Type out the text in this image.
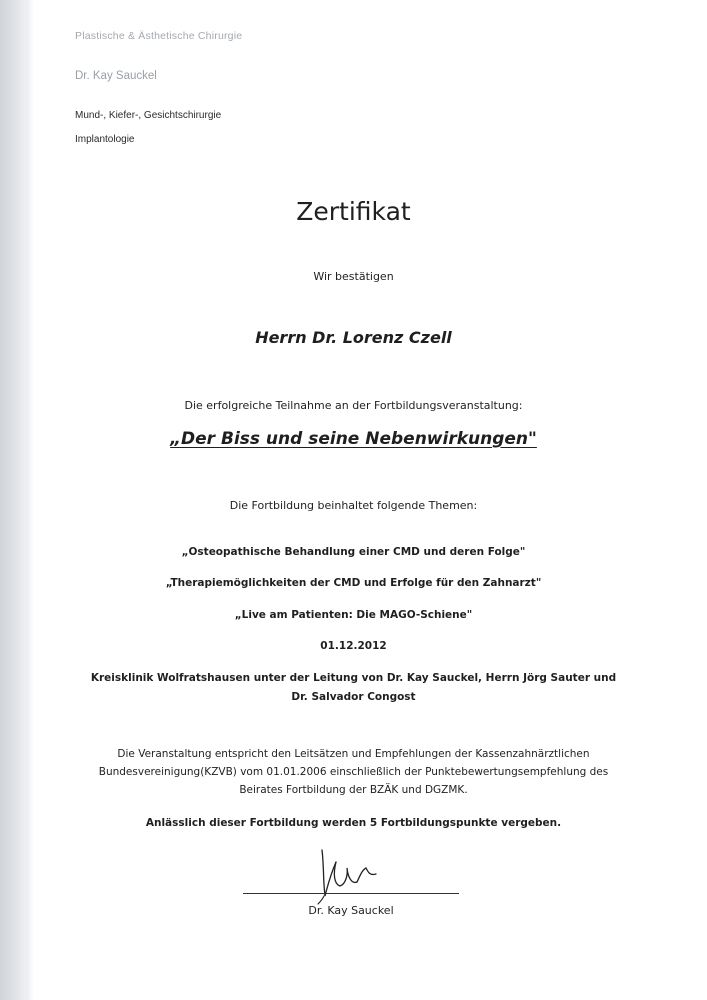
Plastische & Ästhetische Chirurgie
Dr. Kay Sauckel
Mund-, Kiefer-, Gesichtschirurgie
Implantologie
Zertifikat
Wir bestätigen
Herrn Dr. Lorenz Czell
Die erfolgreiche Teilnahme an der Fortbildungsveranstaltung:
„Der Biss und seine Nebenwirkungen"
Die Fortbildung beinhaltet folgende Themen:
„Osteopathische Behandlung einer CMD und deren Folge"
„Therapiemöglichkeiten der CMD und Erfolge für den Zahnarzt"
„Live am Patienten: Die MAGO-Schiene"
01.12.2012
Kreisklinik Wolfratshausen unter der Leitung von Dr. Kay Sauckel, Herrn Jörg Sauter und
Dr. Salvador Congost
Die Veranstaltung entspricht den Leitsätzen und Empfehlungen der Kassenzahnärztlichen
Bundesvereinigung(KZVB) vom 01.01.2006 einschließlich der Punktebewertungsempfehlung des
Beirates Fortbildung der BZÄK und DGZMK.
Anlässlich dieser Fortbildung werden 5 Fortbildungspunkte vergeben.
Dr. Kay Sauckel
